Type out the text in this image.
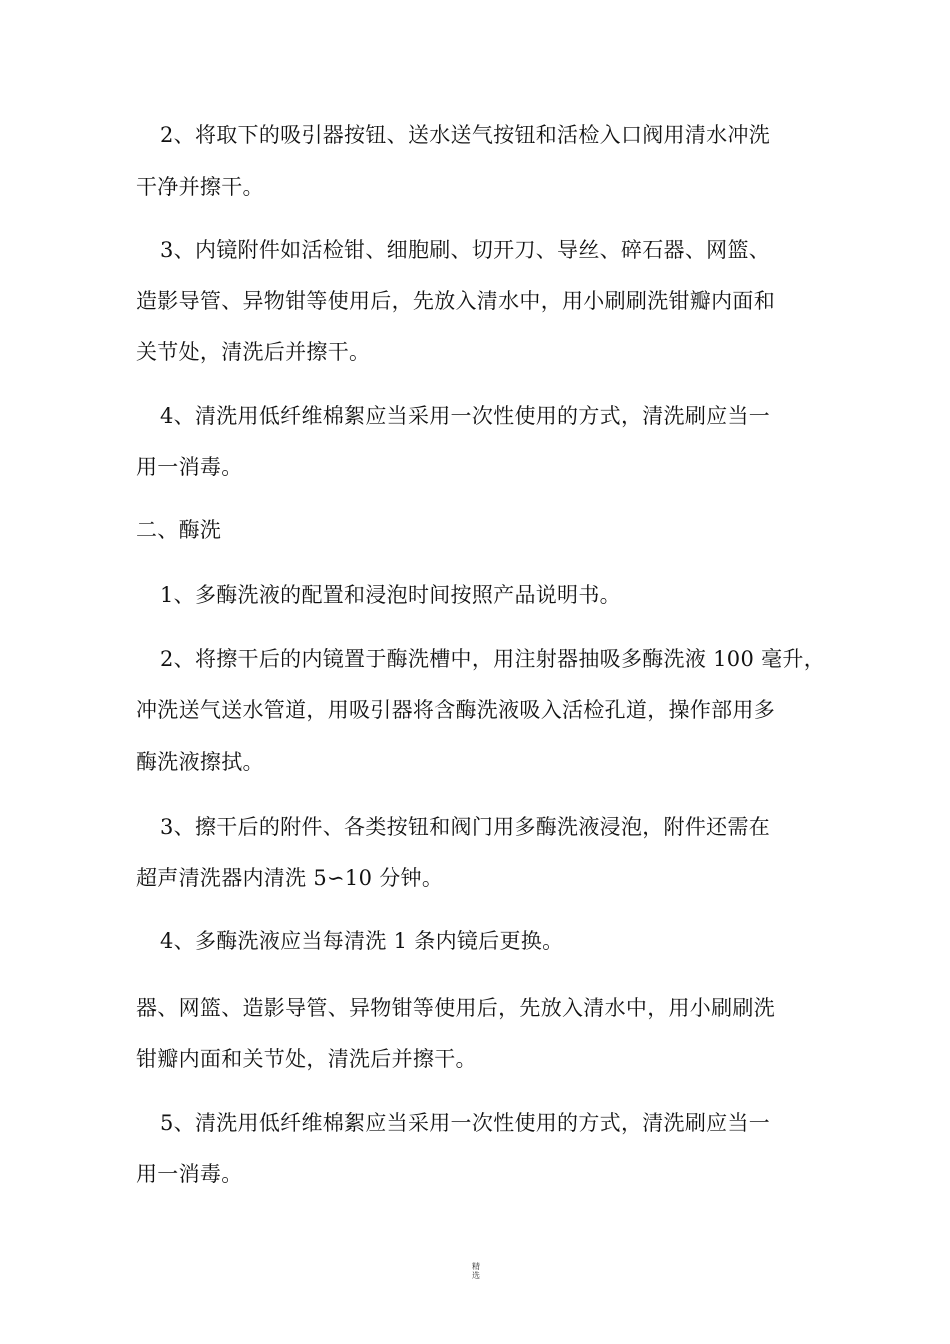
2、将取下的吸引器按钮、送水送气按钮和活检入口阀用清水冲洗
干净并擦干。
3、内镜附件如活检钳、细胞刷、切开刀、导丝、碎石器、网篮、
造影导管、异物钳等使用后，先放入清水中，用小刷刷洗钳瓣内面和
关节处，清洗后并擦干。
4、清洗用低纤维棉絮应当采用一次性使用的方式，清洗刷应当一
用一消毒。
二、酶洗
1、多酶洗液的配置和浸泡时间按照产品说明书。
2、将擦干后的内镜置于酶洗槽中，用注射器抽吸多酶洗液 100 毫升，
冲洗送气送水管道，用吸引器将含酶洗液吸入活检孔道，操作部用多
酶洗液擦拭。
3、擦干后的附件、各类按钮和阀门用多酶洗液浸泡，附件还需在
超声清洗器内清洗 5∽10 分钟。
4、多酶洗液应当每清洗 1 条内镜后更换。
器、网篮、造影导管、异物钳等使用后，先放入清水中，用小刷刷洗
钳瓣内面和关节处，清洗后并擦干。
5、清洗用低纤维棉絮应当采用一次性使用的方式，清洗刷应当一
用一消毒。
精
选
